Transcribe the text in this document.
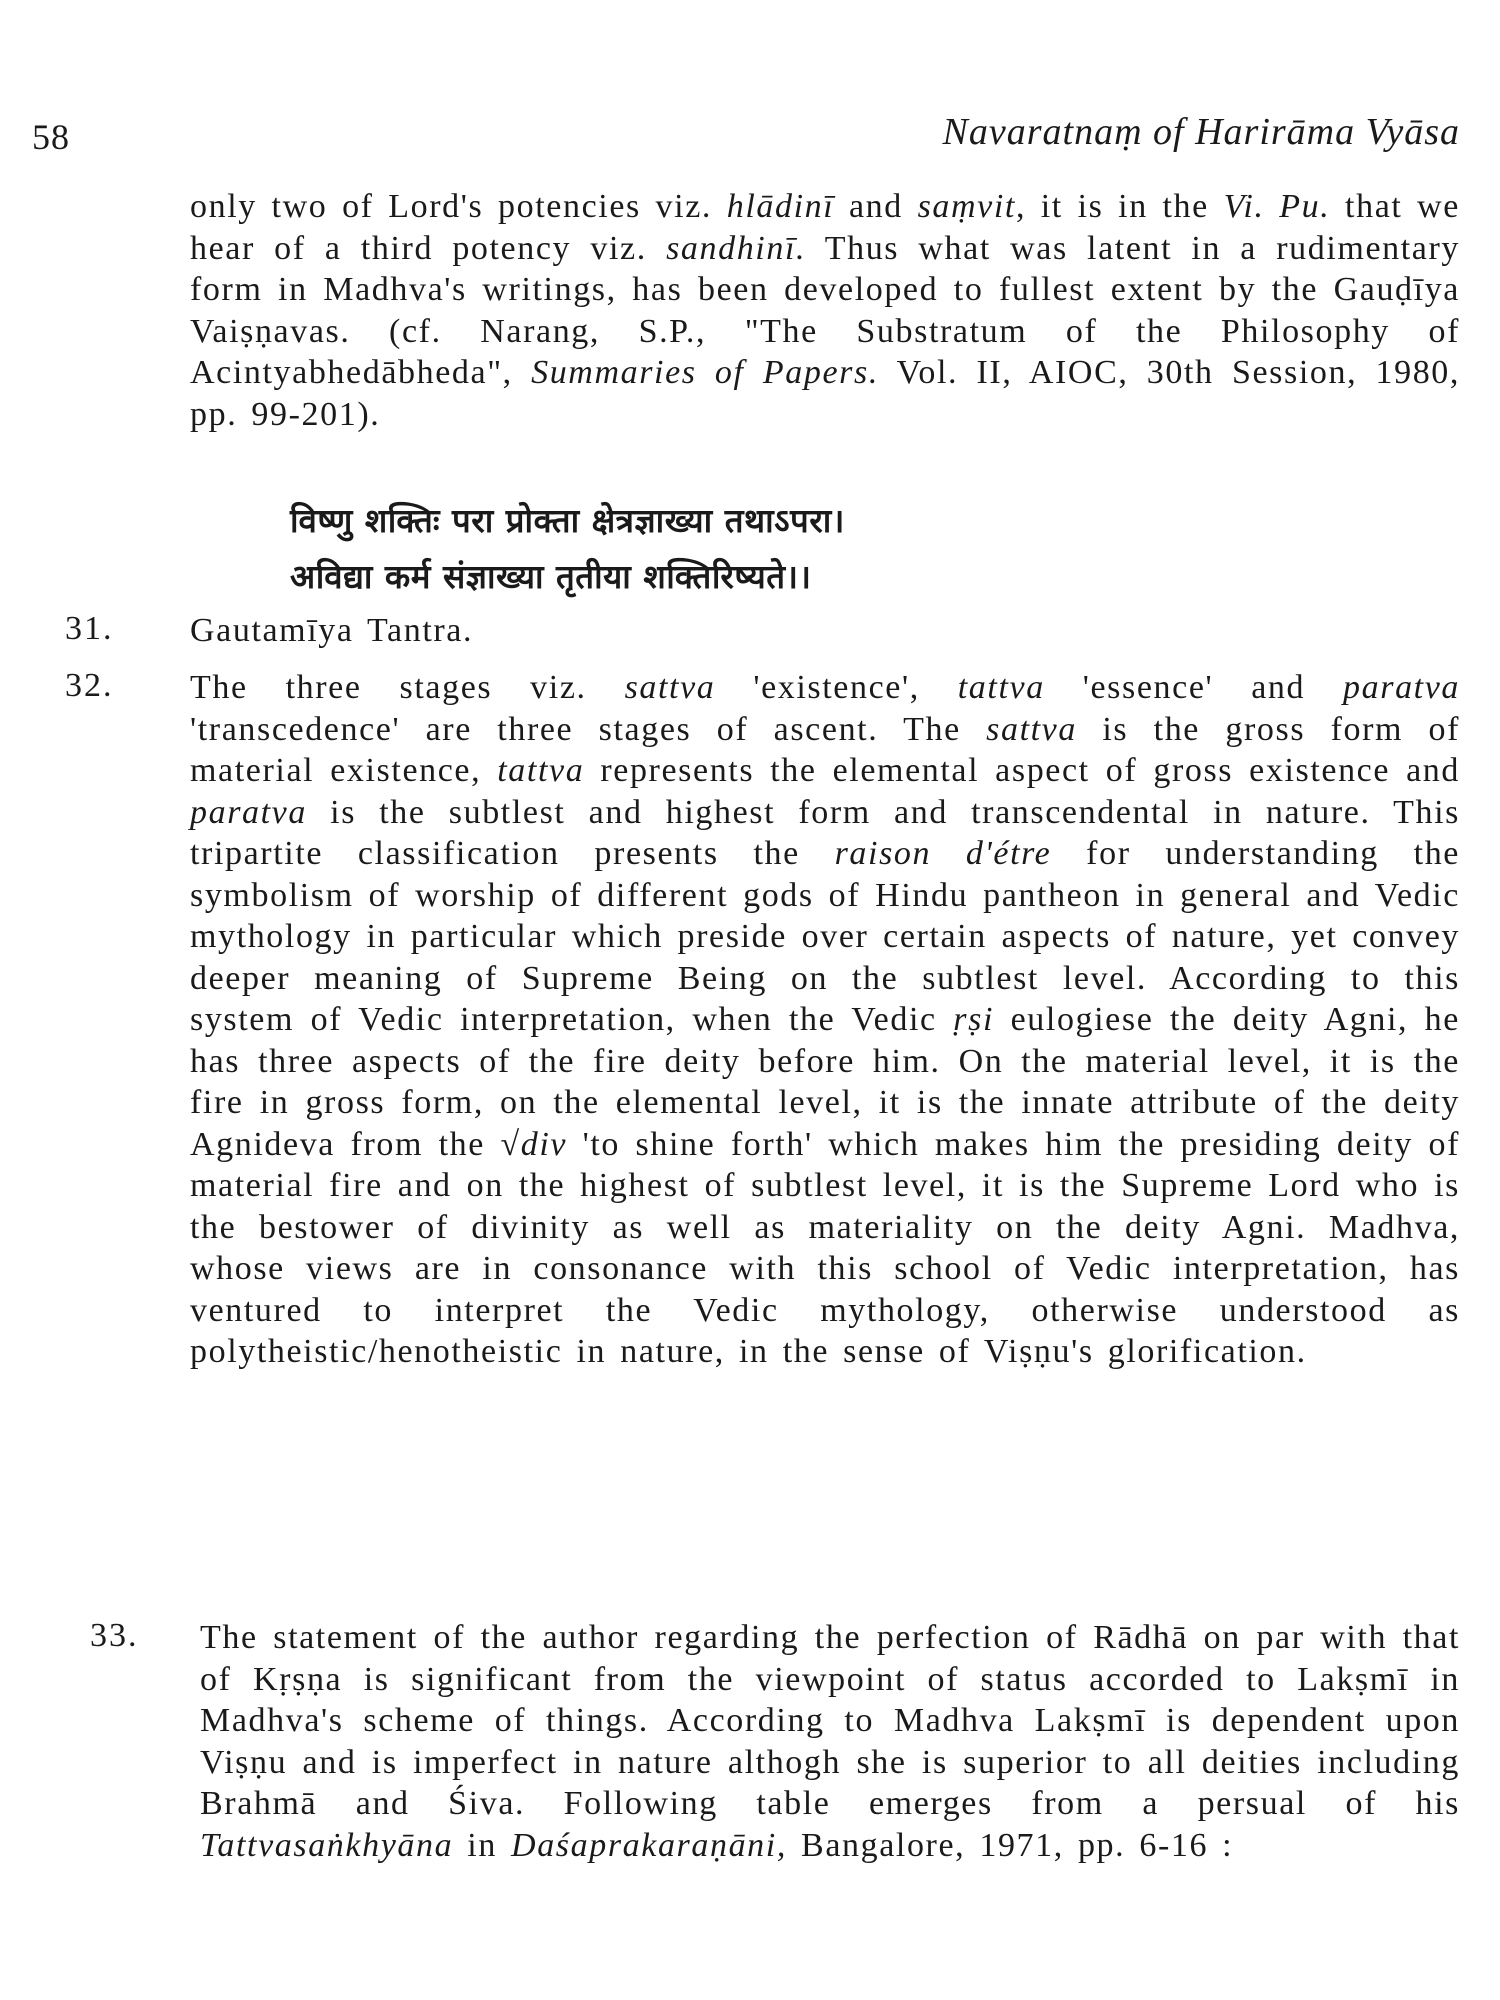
58	Navaratnaṃ of Harirāma Vyāsa
only two of Lord's potencies viz. hlādinī and saṃvit, it is in the Vi. Pu. that we hear of a third potency viz. sandhinī. Thus what was latent in a rudimentary form in Madhva's writings, has been developed to fullest extent by the Gauḍīya Vaiṣṇavas. (cf. Narang, S.P., "The Substratum of the Philosophy of Acintyabhedābheda", Summaries of Papers. Vol. II, AIOC, 30th Session, 1980, pp. 99-201).
विष्णु शक्तिः परा प्रोक्ता क्षेत्रज्ञाख्या तथाऽपरा।
अविद्या कर्म संज्ञाख्या तृतीया शक्तिरिष्यते।।
31. Gautamīya Tantra.
32. The three stages viz. sattva 'existence', tattva 'essence' and paratva 'transcedence' are three stages of ascent. The sattva is the gross form of material existence, tattva represents the elemental aspect of gross existence and paratva is the subtlest and highest form and transcendental in nature. This tripartite classification presents the raison d'étre for understanding the symbolism of worship of different gods of Hindu pantheon in general and Vedic mythology in particular which preside over certain aspects of nature, yet convey deeper meaning of Supreme Being on the subtlest level. According to this system of Vedic interpretation, when the Vedic ṛṣi eulogiese the deity Agni, he has three aspects of the fire deity before him. On the material level, it is the fire in gross form, on the elemental level, it is the innate attribute of the deity Agnideva from the √div 'to shine forth' which makes him the presiding deity of material fire and on the highest of subtlest level, it is the Supreme Lord who is the bestower of divinity as well as materiality on the deity Agni. Madhva, whose views are in consonance with this school of Vedic interpretation, has ventured to interpret the Vedic mythology, otherwise understood as polytheistic/henotheistic in nature, in the sense of Viṣṇu's glorification.
33. The statement of the author regarding the perfection of Rādhā on par with that of Kṛṣṇa is significant from the viewpoint of status accorded to Lakṣmī in Madhva's scheme of things. According to Madhva Lakṣmī is dependent upon Viṣṇu and is imperfect in nature althogh she is superior to all deities including Brahmā and Śiva. Following table emerges from a persual of his Tattvasaṅkhyāna in Daśaprakaraṇāni, Bangalore, 1971, pp. 6-16 :
